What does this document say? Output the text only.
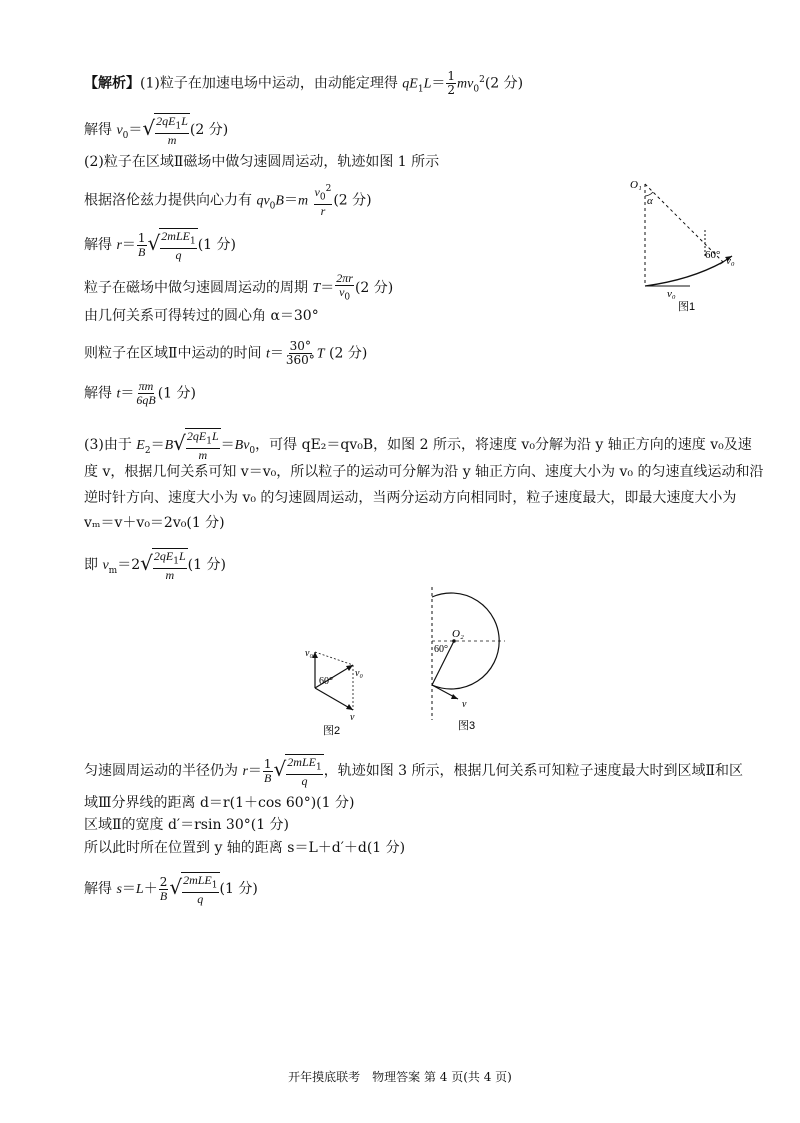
【解析】(1)粒子在加速电场中运动，由动能定理得 $qE_1L= \frac{1}{2} mv_0^2(2$ 分)
解得 $v_0=$ √ $\frac{2qE_1L}{m} (2$ 分)
(2)粒子在区域Ⅱ磁场中做匀速圆周运动，轨迹如图 1 所示
根据洛伦兹力提供向心力有 $qv_0B=m \frac{v_0^2}{r} (2$ 分)
解得 $r= \frac{1}{B}$ √ $\frac{2mLE_1}{q} (1$ 分)
粒子在磁场中做匀速圆周运动的周期 $T= \frac{2\pi r}{v_0} (2$ 分)
由几何关系可得转过的圆心角 α＝30°
则粒子在区域Ⅱ中运动的时间 $t= \frac{30^\circ}{360^\circ}$ T (2 分)
解得 $t= \frac{\pi m}{6qB} (1$ 分)
(3)由于 $E_2=B$ √ $\frac{2qE_1L}{m} =Bv_0$，可得 qE₂＝qv₀B，如图 2 所示，将速度 v₀分解为沿 y 轴正方向的速度 v₀及速
度 v，根据几何关系可知 v＝v₀，所以粒子的运动可分解为沿 y 轴正方向、速度大小为 v₀ 的匀速直线运动和沿
逆时针方向、速度大小为 v₀ 的匀速圆周运动，当两分运动方向相同时，粒子速度最大，即最大速度大小为
vₘ＝v＋v₀＝2v₀(1 分)
即 $v_m=2$ √ $\frac{2qE_1L}{m} (1$ 分)
匀速圆周运动的半径仍为 $r= \frac{1}{B}$ √ $\frac{2mLE_1}{q}$ ，轨迹如图 3 所示，根据几何关系可知粒子速度最大时到区域Ⅱ和区
域Ⅲ分界线的距离 d＝r(1＋cos 60°)(1 分)
区域Ⅱ的宽度 d′＝rsin 30°(1 分)
所以此时所在位置到 y 轴的距离 s＝L＋d′＋d(1 分)
解得 $s=L+ \frac{2}{B}$ √ $\frac{2mLE_1}{q} (1$ 分)
O₁
α
60° v₀
v₀
图1
v₀
v₀
60°
v
图2
O₂
60°
v
图3
开年摸底联考　物理答案 第 4 页(共 4 页)
